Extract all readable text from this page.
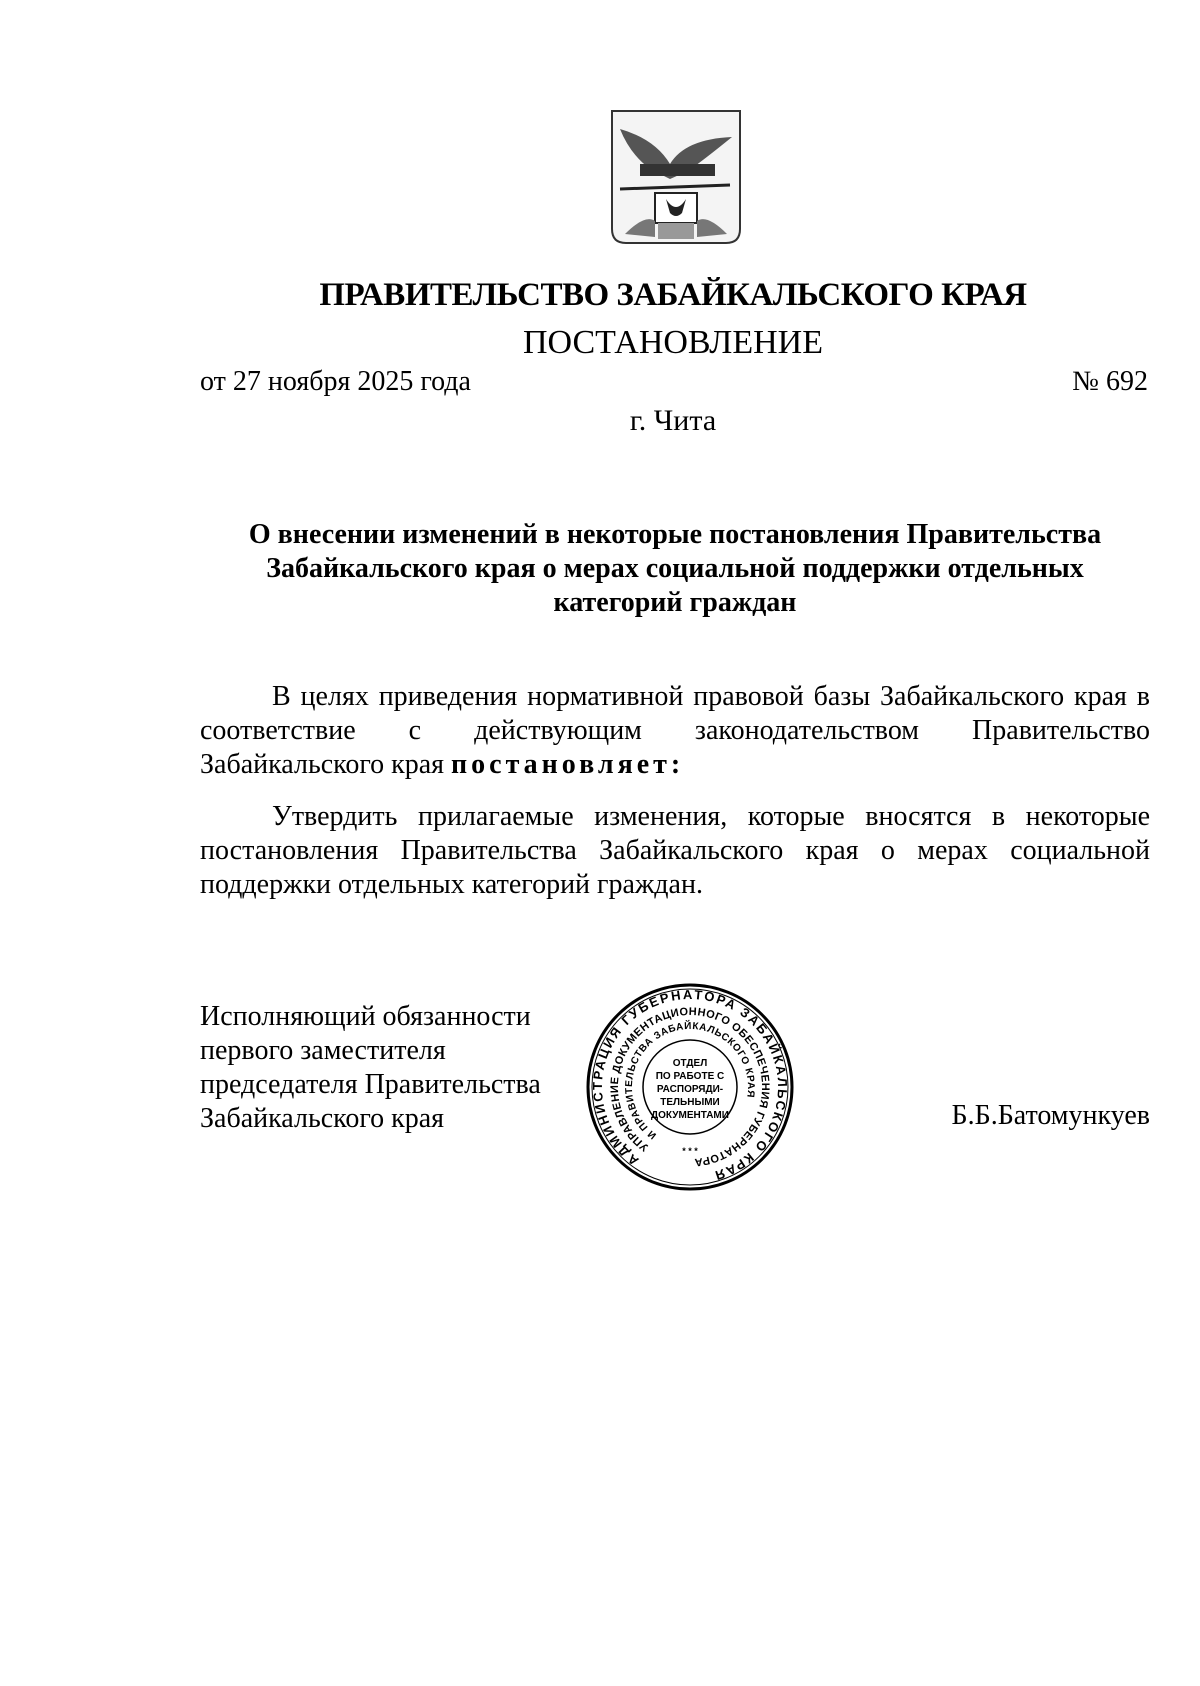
ПРАВИТЕЛЬСТВО ЗАБАЙКАЛЬСКОГО КРАЯ
ПОСТАНОВЛЕНИЕ
от 27 ноября 2025 года	№ 692
г. Чита
О внесении изменений в некоторые постановления Правительства
Забайкальского края о мерах социальной поддержки отдельных
категорий граждан
В целях приведения нормативной правовой базы Забайкальского края в соответствие с действующим законодательством Правительство Забайкальского края постановляет:
Утвердить прилагаемые изменения, которые вносятся в некоторые постановления Правительства Забайкальского края о мерах социальной поддержки отдельных категорий граждан.
Исполняющий обязанности
первого заместителя
председателя Правительства
Забайкальского края	Б.Б.Батомункуев
АДМИНИСТРАЦИЯ ГУБЕРНАТОРА ЗАБАЙКАЛЬСКОГО КРАЯ
УПРАВЛЕНИЕ ДОКУМЕНТАЦИОННОГО ОБЕСПЕЧЕНИЯ ГУБЕРНАТОРА
И ПРАВИТЕЛЬСТВА ЗАБАЙКАЛЬСКОГО КРАЯ
ОТДЕЛ
ПО РАБОТЕ С
РАСПОРЯДИ-
ТЕЛЬНЫМИ
ДОКУМЕНТАМИ
* * *
